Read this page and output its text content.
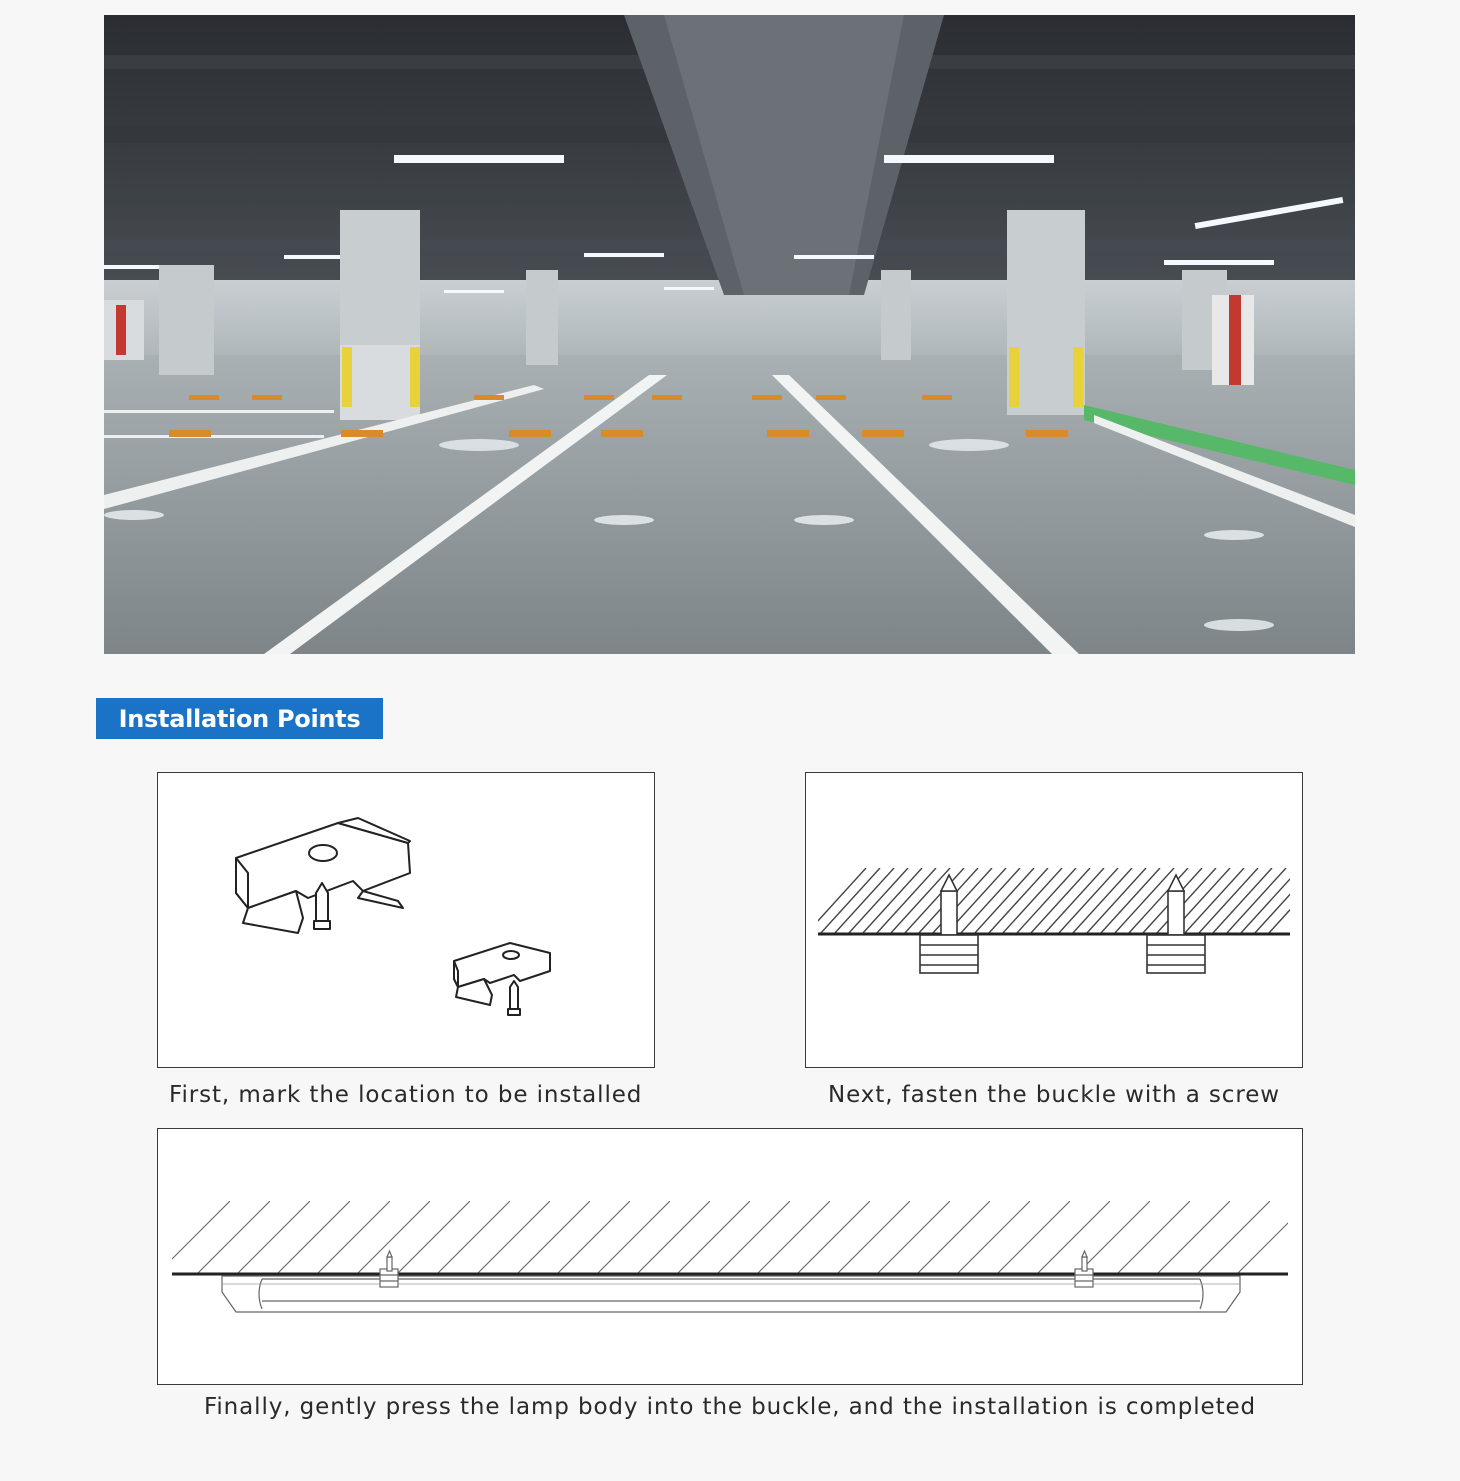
Installation Points
First, mark the location to be installed	Next, fasten the buckle with a screw
Finally, gently press the lamp body into the buckle, and the installation is completed
